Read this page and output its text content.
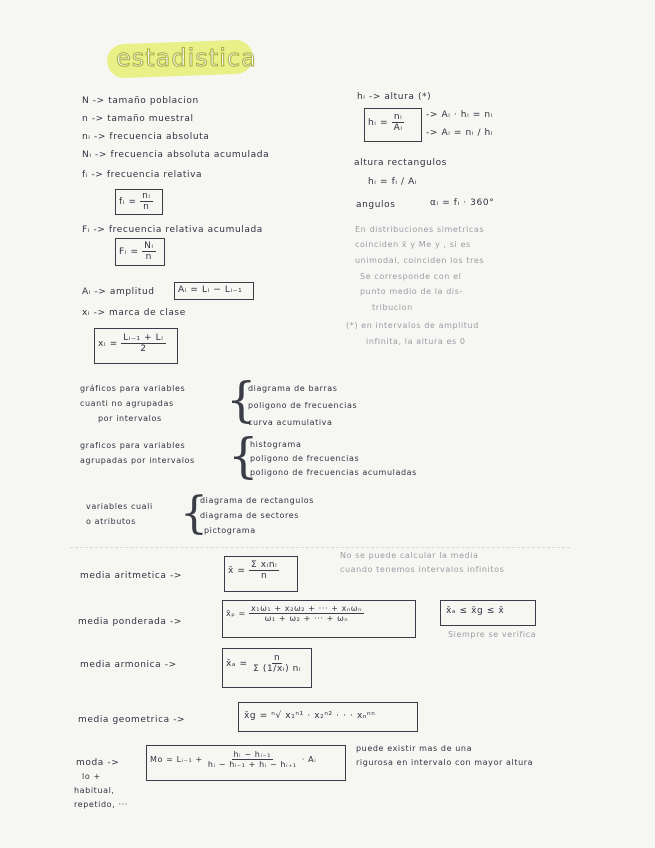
estadistica
N -> tamaño poblacion
n -> tamaño muestral
nᵢ -> frecuencia absoluta
Nᵢ -> frecuencia absoluta acumulada
fᵢ -> frecuencia relativa
fᵢ = $\frac{\text{nᵢ}}{n}$
Fᵢ -> frecuencia relativa acumulada
Fᵢ = $\frac{\text{Nᵢ}}{n}$
Aᵢ -> amplitud	Aᵢ = Lᵢ − Lᵢ₋₁
xᵢ -> marca de clase
xᵢ = $\frac{\text{Lᵢ₋₁ + Lᵢ}}{2}$
hᵢ -> altura (*)
hᵢ = $\frac{\text{nᵢ}}{\text{Aᵢ}}$ -> Aᵢ · hᵢ = nᵢ
-> Aᵢ = nᵢ / hᵢ
altura rectangulos
hᵢ = fᵢ / Aᵢ
angulos	αᵢ = fᵢ · 360°
En distribuciones simetricas
coinciden x̄ y Me y , si es
unimodal, coinciden los tres
Se corresponde con el
punto medio de la dis-
tribucion
(*) en intervalos de amplitud
infinita, la altura es 0
gráficos para variables
cuanti no agrupadas
por intervalos {
diagrama de barras
poligono de frecuencias
curva acumulativa
graficos para variables
agrupadas por intervalos {
histograma
poligono de frecuencias
poligono de frecuencias acumuladas
variables cuali
o atributos {
diagrama de rectangulos
diagrama de sectores
pictograma
No se puede calcular la media
cuando tenemos intervalos infinitos
media aritmetica ->	x̄ = $\frac{\text{Σ xᵢnᵢ}}{n}$
media ponderada ->
x̄ₚ = $\frac{\text{x₁ω₁ + x₂ω₂ + ··· + xₙωₙ}}{\text{ω₁ + ω₂ + ··· + ωₙ}}$	x̄ₐ ≤ x̄g ≤ x̄
Siempre se verifica
media armonica ->	x̄ₐ = $\frac{n}{\text{Σ (1/xᵢ) nᵢ}}$
media geometrica ->	x̄g = ⁿ√ x₁ⁿ¹ · x₂ⁿ² · · · xₙⁿⁿ
moda ->	Mo = Lᵢ₋₁ + $\frac{\text{hᵢ − hᵢ₋₁}}{\text{hᵢ − hᵢ₋₁ + hᵢ − hᵢ₊₁}}$ · Aᵢ
lo +
habitual,
repetido, ···
puede existir mas de una
rigurosa en intervalo con mayor altura
